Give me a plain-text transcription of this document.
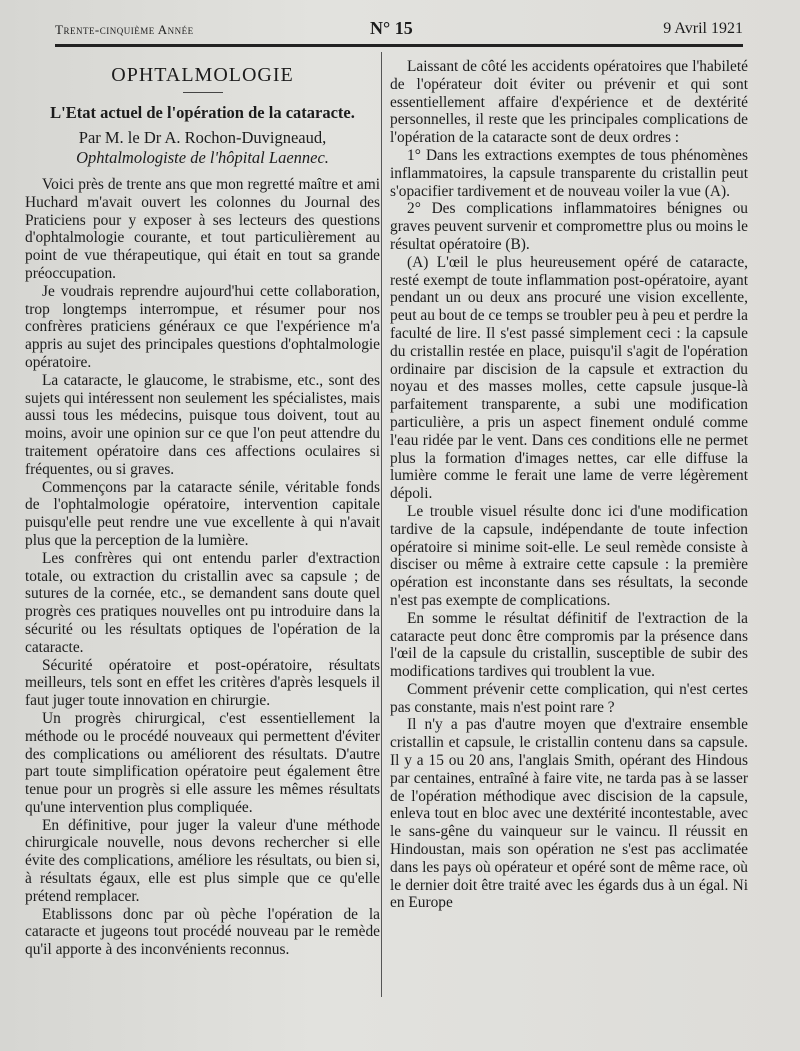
Trente-cinquième Année	N° 15	9 Avril 1921
OPHTALMOLOGIE
L'Etat actuel de l'opération de la cataracte.
Par M. le Dr A. Rochon-Duvigneaud,
Ophtalmologiste de l'hôpital Laennec.

Voici près de trente ans que mon regretté maître et ami Huchard m'avait ouvert les colonnes du Journal des Praticiens pour y exposer à ses lecteurs des questions d'ophtalmologie courante, et tout particulièrement au point de vue thérapeutique, qui était en tout sa grande préoccupation.

Je voudrais reprendre aujourd'hui cette collaboration, trop longtemps interrompue, et résumer pour nos confrères praticiens généraux ce que l'expérience m'a appris au sujet des principales questions d'ophtalmologie opératoire.

La cataracte, le glaucome, le strabisme, etc., sont des sujets qui intéressent non seulement les spécialistes, mais aussi tous les médecins, puisque tous doivent, tout au moins, avoir une opinion sur ce que l'on peut attendre du traitement opératoire dans ces affections oculaires si fréquentes, ou si graves.

Commençons par la cataracte sénile, véritable fonds de l'ophtalmologie opératoire, intervention capitale puisqu'elle peut rendre une vue excellente à qui n'avait plus que la perception de la lumière.

Les confrères qui ont entendu parler d'extraction totale, ou extraction du cristallin avec sa capsule ; de sutures de la cornée, etc., se demandent sans doute quel progrès ces pratiques nouvelles ont pu introduire dans la sécurité ou les résultats optiques de l'opération de la cataracte.

Sécurité opératoire et post-opératoire, résultats meilleurs, tels sont en effet les critères d'après lesquels il faut juger toute innovation en chirurgie.

Un progrès chirurgical, c'est essentiellement la méthode ou le procédé nouveaux qui permettent d'éviter des complications ou améliorent des résultats. D'autre part toute simplification opératoire peut également être tenue pour un progrès si elle assure les mêmes résultats qu'une intervention plus compliquée.

En définitive, pour juger la valeur d'une méthode chirurgicale nouvelle, nous devons rechercher si elle évite des complications, améliore les résultats, ou bien si, à résultats égaux, elle est plus simple que ce qu'elle prétend remplacer.

Etablissons donc par où pèche l'opération de la cataracte et jugeons tout procédé nouveau par le remède qu'il apporte à des inconvénients reconnus.

Laissant de côté les accidents opératoires que l'habileté de l'opérateur doit éviter ou prévenir et qui sont essentiellement affaire d'expérience et de dextérité personnelles, il reste que les principales complications de l'opération de la cataracte sont de deux ordres :

1° Dans les extractions exemptes de tous phénomènes inflammatoires, la capsule transparente du cristallin peut s'opacifier tardivement et de nouveau voiler la vue (A).

2° Des complications inflammatoires bénignes ou graves peuvent survenir et compromettre plus ou moins le résultat opératoire (B).

(A) L'œil le plus heureusement opéré de cataracte, resté exempt de toute inflammation post-opératoire, ayant pendant un ou deux ans procuré une vision excellente, peut au bout de ce temps se troubler peu à peu et perdre la faculté de lire. Il s'est passé simplement ceci : la capsule du cristallin restée en place, puisqu'il s'agit de l'opération ordinaire par discision de la capsule et extraction du noyau et des masses molles, cette capsule jusque-là parfaitement transparente, a subi une modification particulière, a pris un aspect finement ondulé comme l'eau ridée par le vent. Dans ces conditions elle ne permet plus la formation d'images nettes, car elle diffuse la lumière comme le ferait une lame de verre légèrement dépoli.

Le trouble visuel résulte donc ici d'une modification tardive de la capsule, indépendante de toute infection opératoire si minime soit-elle. Le seul remède consiste à disciser ou même à extraire cette capsule : la première opération est inconstante dans ses résultats, la seconde n'est pas exempte de complications.

En somme le résultat définitif de l'extraction de la cataracte peut donc être compromis par la présence dans l'œil de la capsule du cristallin, susceptible de subir des modifications tardives qui troublent la vue.

Comment prévenir cette complication, qui n'est certes pas constante, mais n'est point rare ?

Il n'y a pas d'autre moyen que d'extraire ensemble cristallin et capsule, le cristallin contenu dans sa capsule. Il y a 15 ou 20 ans, l'anglais Smith, opérant des Hindous par centaines, entraîné à faire vite, ne tarda pas à se lasser de l'opération méthodique avec discision de la capsule, enleva tout en bloc avec une dextérité incontestable, avec le sans-gêne du vainqueur sur le vaincu. Il réussit en Hindoustan, mais son opération ne s'est pas acclimatée dans les pays où opérateur et opéré sont de même race, où le dernier doit être traité avec les égards dus à un égal. Ni en Europe
